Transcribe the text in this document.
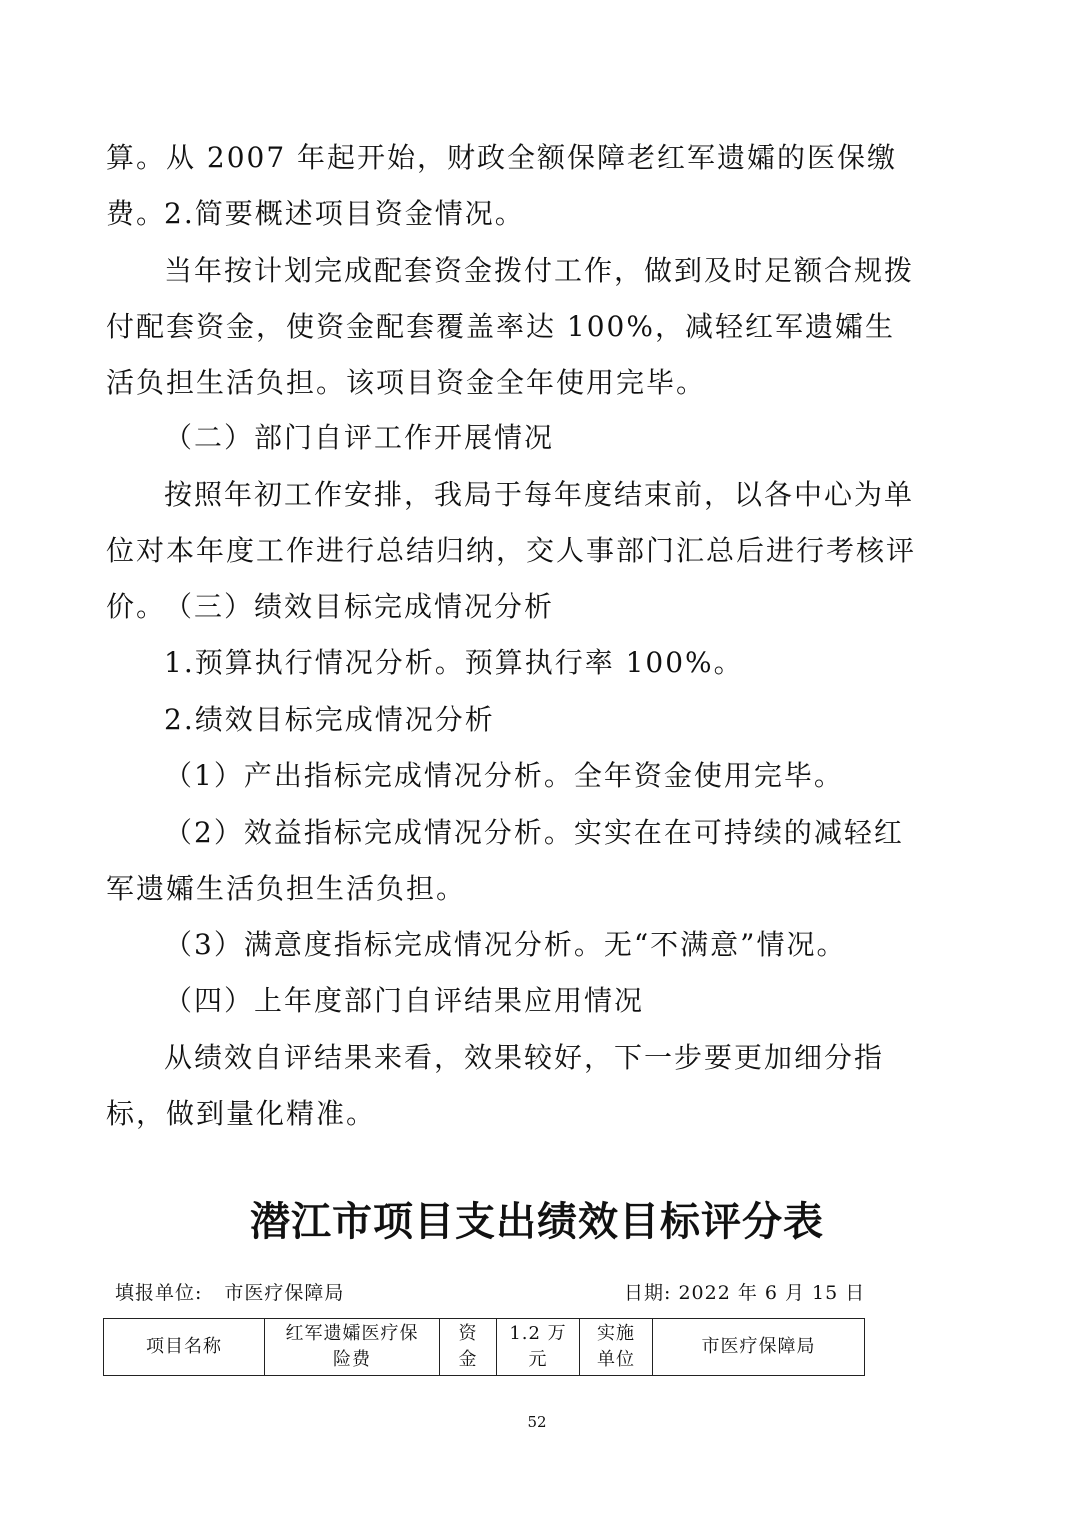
算。从 2007 年起开始，财政全额保障老红军遗孀的医保缴费。

2.简要概述项目资金情况。

当年按计划完成配套资金拨付工作，做到及时足额合规拨付配套资金，使资金配套覆盖率达 100%，减轻红军遗孀生活负担生活负担。该项目资金全年使用完毕。

（二）部门自评工作开展情况

按照年初工作安排，我局于每年度结束前，以各中心为单位对本年度工作进行总结归纳，交人事部门汇总后进行考核评价。

（三）绩效目标完成情况分析

1.预算执行情况分析。预算执行率 100%。

2.绩效目标完成情况分析

（1）产出指标完成情况分析。全年资金使用完毕。

（2）效益指标完成情况分析。实实在在可持续的减轻红军遗孀生活负担生活负担。

（3）满意度指标完成情况分析。无“不满意”情况。

（四）上年度部门自评结果应用情况

从绩效自评结果来看，效果较好，下一步要更加细分指标，做到量化精准。

潜江市项目支出绩效目标评分表
填报单位: 市医疗保障局	日期: 2022 年 6 月 15 日
项目名称	红军遗孀医疗保险费	资金	1.2 万元	实施单位	市医疗保障局
52
